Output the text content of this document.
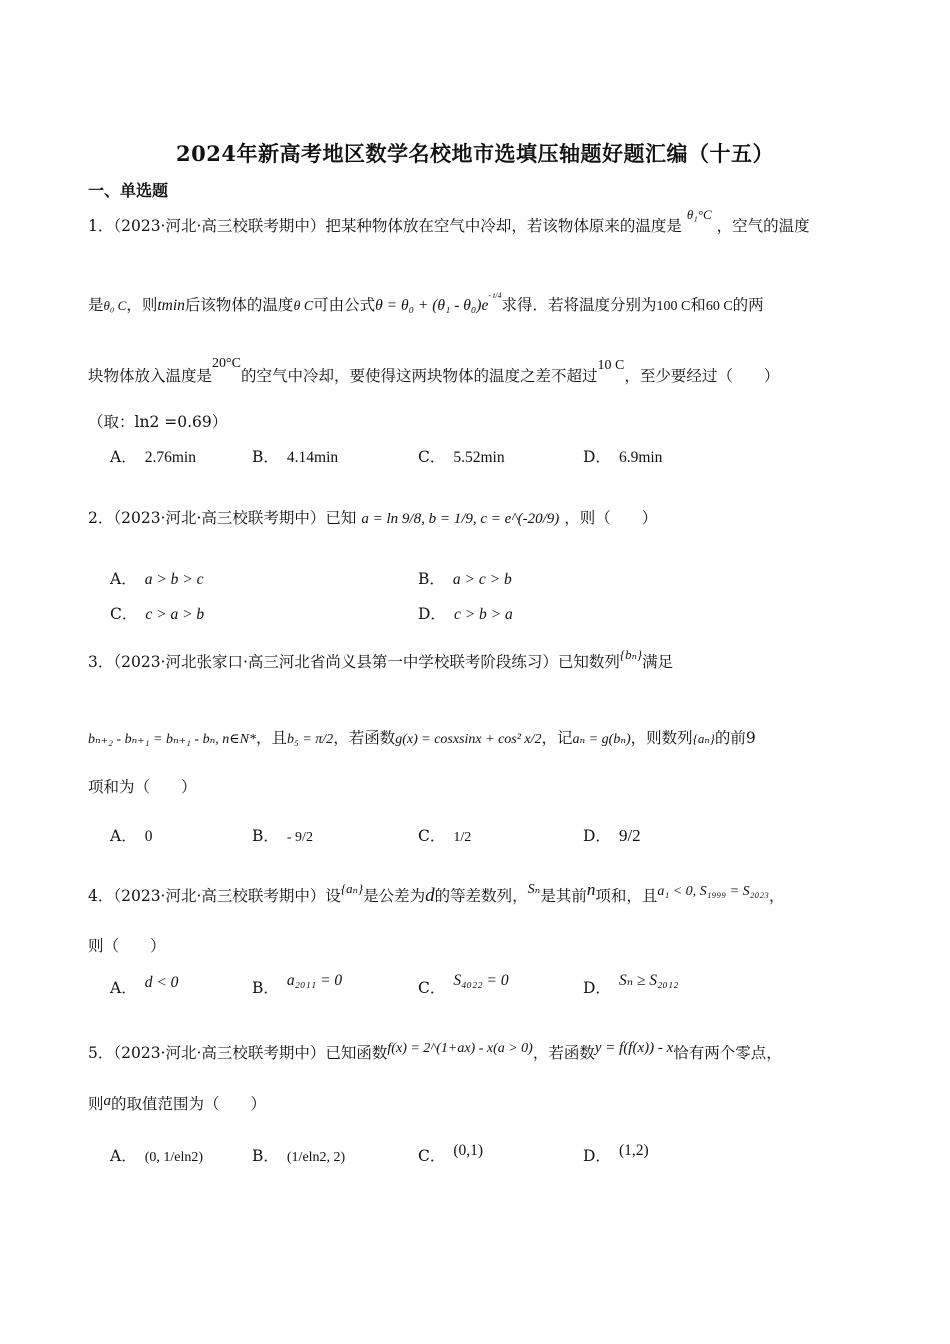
2024年新高考地区数学名校地市选填压轴题好题汇编（十五）
一、单选题
1．（2023·河北·高三校联考期中）把某种物体放在空气中冷却，若该物体原来的温度是 $^{\theta_1^\circ C}$ ，空气的温度
是θ₀ C，则tmin后该物体的温度θ C可由公式$\theta = \theta_0 + (\theta_1 - \theta_0)e^{- t/4}$求得．若将温度分别为100 C和60 C的两
块物体放入温度是20°C的空气中冷却，要使得这两块物体的温度之差不超过10 C，至少要经过（　　）
（取：ln2 =0.69）
A． 2.76min	B． 4.14min	C． 5.52min	D． 6.9min
2．（2023·河北·高三校联考期中）已知 a = ln 9/8, b = 1/9, c = e^(-20/9) ，则（　　）
A． a > b > c	B． a > c > b
C． c > a > b	D． c > b > a
3．（2023·河北张家口·高三河北省尚义县第一中学校联考阶段练习）已知数列$^{\{b_n\}}$满足
bₙ₊₂ - bₙ₊₁ = bₙ₊₁ - bₙ, n∈N*，且b₅ = π/2，若函数g(x) = cosxsinx + cos² x/2，记aₙ = g(bₙ)，则数列{aₙ}的前9
项和为（　　）
A． 0	B． - 9/2	C． 1/2	D． 9/2
4．（2023·河北·高三校联考期中）设$^{\{a_n\}}$是公差为d的等差数列，Sₙ是其前n项和，且a₁ < 0, S₁₉₉₉ = S₂₀₂₃，
则（　　）
A． d < 0	B． a₂₀₁₁ = 0	C． S₄₀₂₂ = 0	D． Sₙ ≥ S₂₀₁₂
5．（2023·河北·高三校联考期中）已知函数f(x) = 2^(1+ax) - x(a > 0)，若函数y = f(f(x)) - x恰有两个零点，
则a的取值范围为（　　）
A． (0, 1/eln2)	B． (1/eln2, 2)	C． (0,1)	D． (1,2)
